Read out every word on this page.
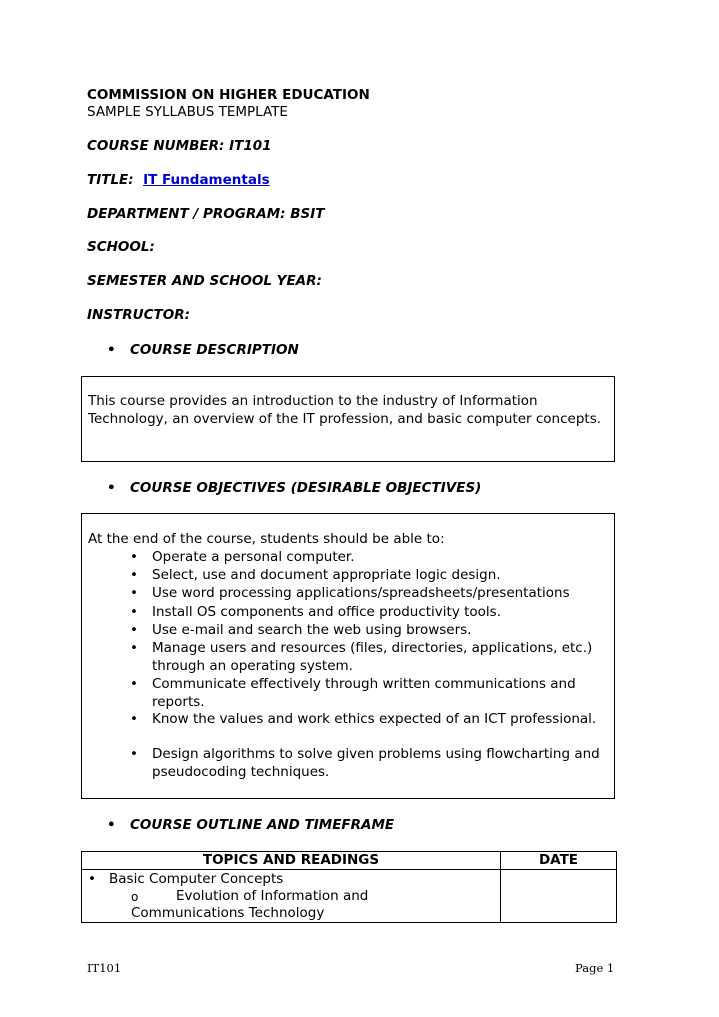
COMMISSION ON HIGHER EDUCATION
SAMPLE SYLLABUS TEMPLATE
COURSE NUMBER: IT101
TITLE: IT Fundamentals
DEPARTMENT / PROGRAM: BSIT
SCHOOL:
SEMESTER AND SCHOOL YEAR:
INSTRUCTOR:
• COURSE DESCRIPTION
This course provides an introduction to the industry of Information Technology, an overview of the IT profession, and basic computer concepts.
• COURSE OBJECTIVES (DESIRABLE OBJECTIVES)
At the end of the course, students should be able to:
• Operate a personal computer.
• Select, use and document appropriate logic design.
• Use word processing applications/spreadsheets/presentations
• Install OS components and office productivity tools.
• Use e-mail and search the web using browsers.
• Manage users and resources (files, directories, applications, etc.) through an operating system.
• Communicate effectively through written communications and reports.
• Know the values and work ethics expected of an ICT professional.
• Design algorithms to solve given problems using flowcharting and pseudocoding techniques.
• COURSE OUTLINE AND TIMEFRAME
TOPICS AND READINGS	DATE

• Basic Computer Concepts
o Evolution of Information and
Communications Technology	

IT101	Page 1
